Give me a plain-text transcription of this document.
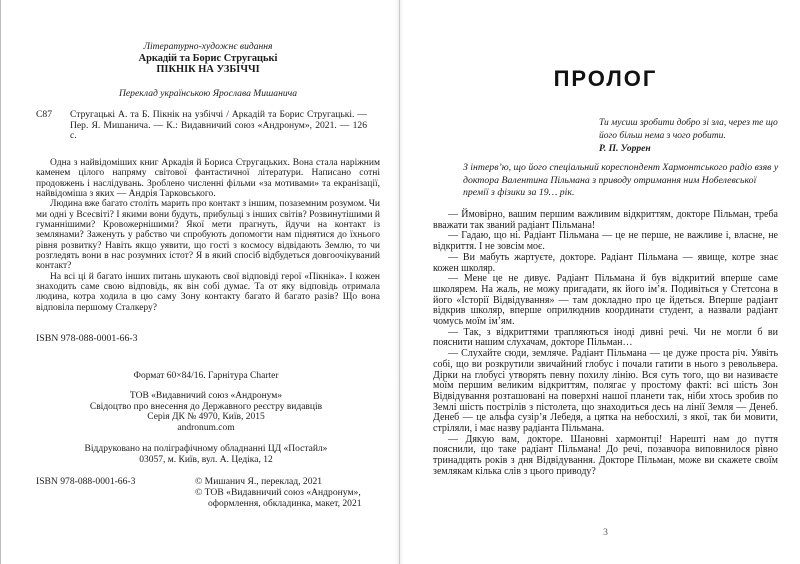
Літературно-художнє видання
Аркадій та Борис Стругацькі
ПІКНІК НА УЗБІЧЧІ
Переклад українською Ярослава Мишанича
С87	Стругацькі А. та Б. Пікнік на узбіччі / Аркадій та Борис Стругацькі. — Пер. Я. Мишанича. — К.: Видавничий союз «Андронум», 2021. — 126 с.

Одна з найвідоміших книг Аркадія й Бориса Стругацьких. Вона стала наріжним каменем цілого напряму світової фантастичної літератури. Написано сотні продовжень і наслідувань. Зроблено численні фільми «за мотивами» та екранізації, найвідоміша з яких — Андрія Тарковського.

Людина вже багато століть марить про контакт з іншим, позаземним розумом. Чи ми одні у Всесвіті? І якими вони будуть, прибульці з інших світів? Розвинутішими й гуманнішими? Кровожернішими? Якої мети прагнуть, йдучи на контакт із землянами? Заженуть у рабство чи спробують допомогти нам піднятися до їхнього рівня розвитку? Навіть якщо уявити, що гості з космосу відвідають Землю, то чи розгледять вони в нас розумних істот? Я в який спосіб відбудеться довгоочікуваний контакт?

На всі ці й багато інших питань шукають свої відповіді герої «Пікніка». І кожен знаходить саме свою відповідь, як він собі думає. Та от яку відповідь отримала людина, котра ходила в цю саму Зону контакту багато й багато разів? Що вона відповіла першому Сталкеру?

ISBN 978-088-0001-66-3
Формат 60×84/16. Гарнітура Charter
ТОВ «Видавничий союз «Андронум»
Свідоцтво про внесення до Державного реєстру видавців
Серія ДК № 4970, Київ, 2015
andronum.com
Віддруковано на поліграфічному обладнанні ЦД «Постайл»
03057, м. Київ, вул. А. Цедіка, 12
ISBN 978-088-0001-66-3	© Мишанич Я., переклад, 2021
© ТОВ «Видавничий союз «Андронум»,
оформлення, обкладинка, макет, 2021
ПРОЛОГ
Ти мусиш зробити добро зі зла, через те що його більш нема з чого робити.
Р. П. Уоррен
З інтерв’ю, що його спеціальний кореспондент Хармонтського радіо взяв у доктора Валентина Пільмана з приводу отримання ним Нобелевської премії з фізики за 19… рік.

— Ймовірно, вашим першим важливим відкриттям, докторе Пільман, треба вважати так званий радіант Пільмана!

— Гадаю, що ні. Радіант Пільмана — це не перше, не важливе і, власне, не відкриття. І не зовсім моє.

— Ви мабуть жартуєте, докторе. Радіант Пільмана — явище, котре знає кожен школяр.

— Мене це не дивує. Радіант Пільмана й був відкритий вперше саме школярем. На жаль, не можу пригадати, як його ім’я. Подивіться у Стетсона в його «Історії Відвідування» — там докладно про це йдеться. Вперше радіант відкрив школяр, вперше оприлюднив координати студент, а назвали радіант чомусь моїм ім’ям.

— Так, з відкриттями трапляються іноді дивні речі. Чи не могли б ви пояснити нашим слухачам, докторе Пільман…

— Слухайте сюди, земляче. Радіант Пільмана — це дуже проста річ. Уявіть собі, що ви розкрутили звичайний глобус і почали гатити в нього з револьвера. Дірки на глобусі утворять певну похилу лінію. Вся суть того, що ви називаєте моїм першим великим відкриттям, полягає у простому факті: всі шість Зон Відвідування розташовані на поверхні нашої планети так, ніби хтось зробив по Землі шість пострілів з пістолета, що знаходиться десь на лінії Земля — Денеб. Денеб — це альфа сузір’я Лебедя, а цятка на небосхилі, з якої, так би мовити, стріляли, і має назву радіанта Пільмана.

— Дякую вам, докторе. Шановні хармонтці! Нарешті нам до пуття пояснили, що таке радіант Пільмана! До речі, позавчора виповнилося рівно тринадцять років з дня Відвідування. Докторе Пільман, може ви скажете своїм землякам кілька слів з цього приводу?

3
